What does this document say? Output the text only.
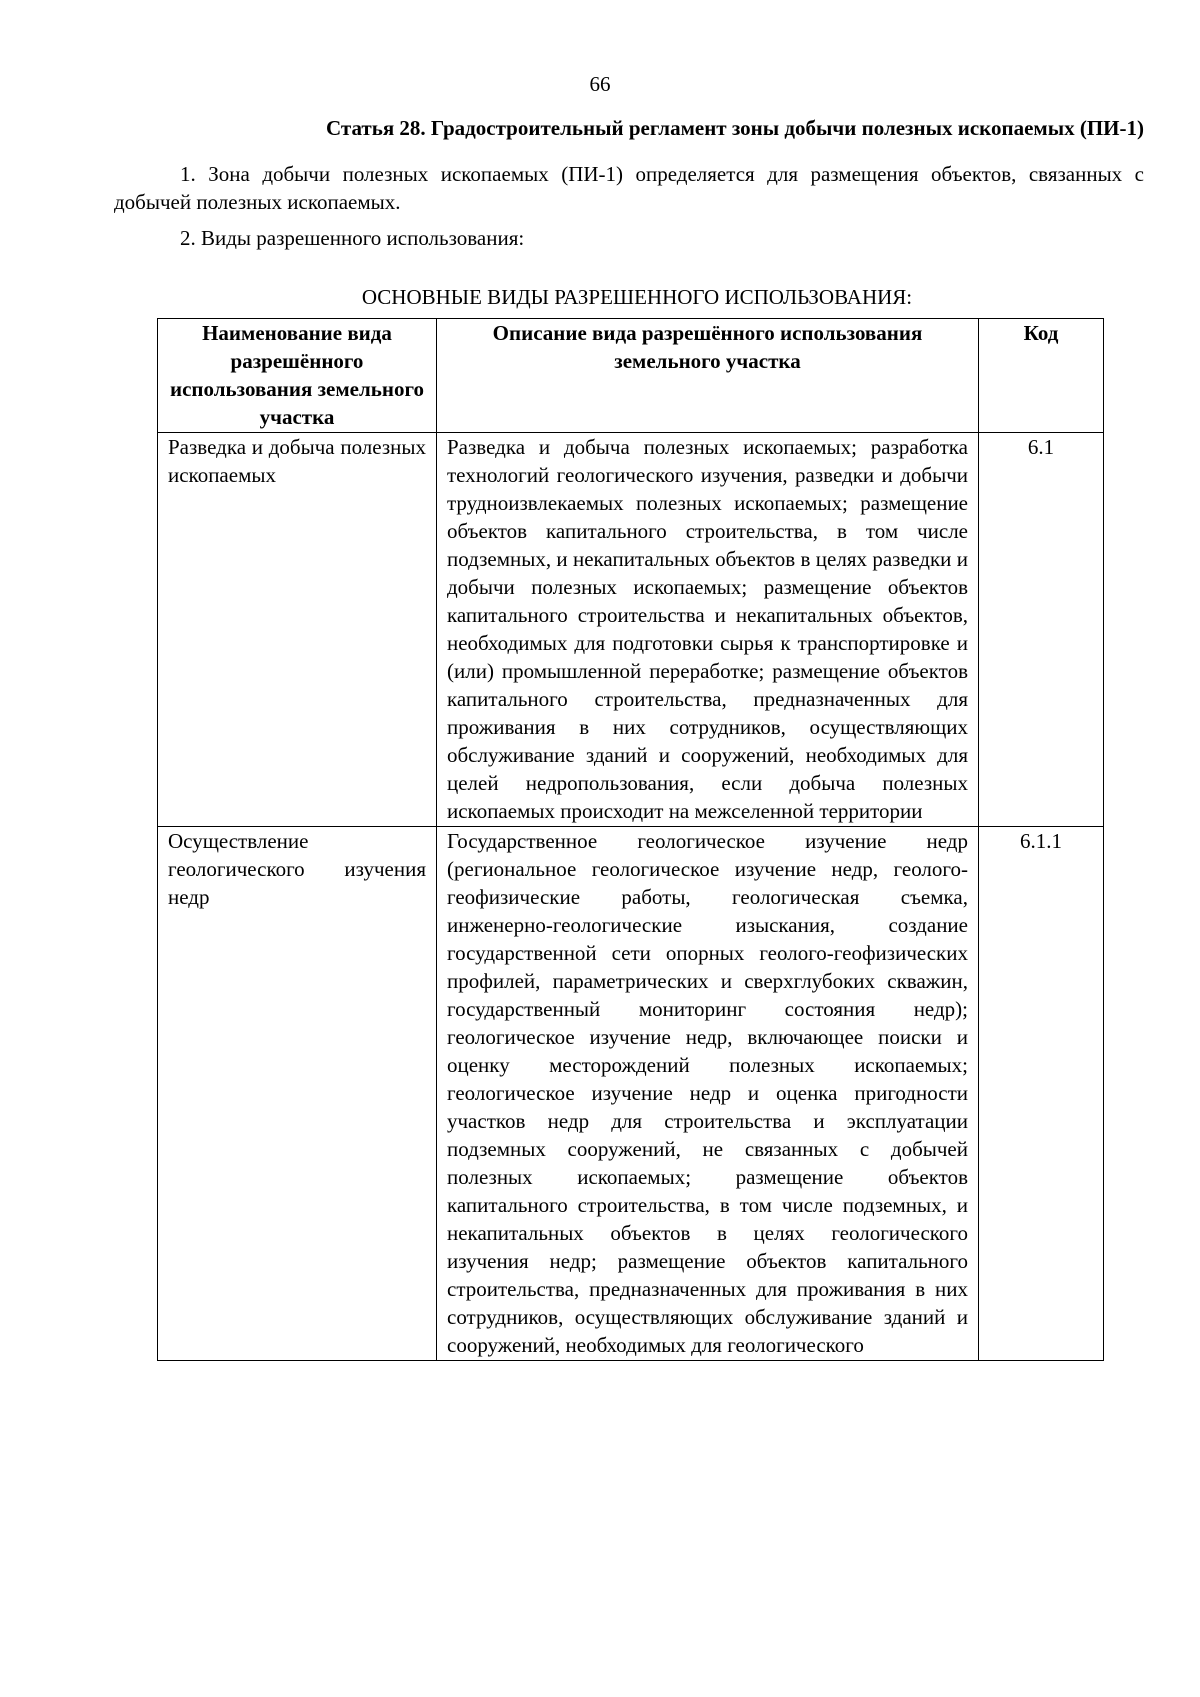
66
Статья 28. Градостроительный регламент зоны добычи полезных ископаемых (ПИ-1)
1. Зона добычи полезных ископаемых (ПИ-1) определяется для размещения объектов, связанных с добычей полезных ископаемых.
2. Виды разрешенного использования:
ОСНОВНЫЕ ВИДЫ РАЗРЕШЕННОГО ИСПОЛЬЗОВАНИЯ:
Наименование вида разрешённого использования земельного участка	Описание вида разрешённого использования земельного участка	Код
Разведка и добыча полезных ископаемых	Разведка и добыча полезных ископаемых; разработка технологий геологического изучения, разведки и добычи трудноизвлекаемых полезных ископаемых; размещение объектов капитального строительства, в том числе подземных, и некапитальных объектов в целях разведки и добычи полезных ископаемых; размещение объектов капитального строительства и некапитальных объектов, необходимых для подготовки сырья к транспортировке и (или) промышленной переработке; размещение объектов капитального строительства, предназначенных для проживания в них сотрудников, осуществляющих обслуживание зданий и сооружений, необходимых для целей недропользования, если добыча полезных ископаемых происходит на межселенной территории	6.1
Осуществление геологического изучения недр	Государственное геологическое изучение недр (региональное геологическое изучение недр, геолого-геофизические работы, геологическая съемка, инженерно-геологические изыскания, создание государственной сети опорных геолого-геофизических профилей, параметрических и сверхглубоких скважин, государственный мониторинг состояния недр); геологическое изучение недр, включающее поиски и оценку месторождений полезных ископаемых; геологическое изучение недр и оценка пригодности участков недр для строительства и эксплуатации подземных сооружений, не связанных с добычей полезных ископаемых; размещение объектов капитального строительства, в том числе подземных, и некапитальных объектов в целях геологического изучения недр; размещение объектов капитального строительства, предназначенных для проживания в них сотрудников, осуществляющих обслуживание зданий и сооружений, необходимых для геологического	6.1.1
